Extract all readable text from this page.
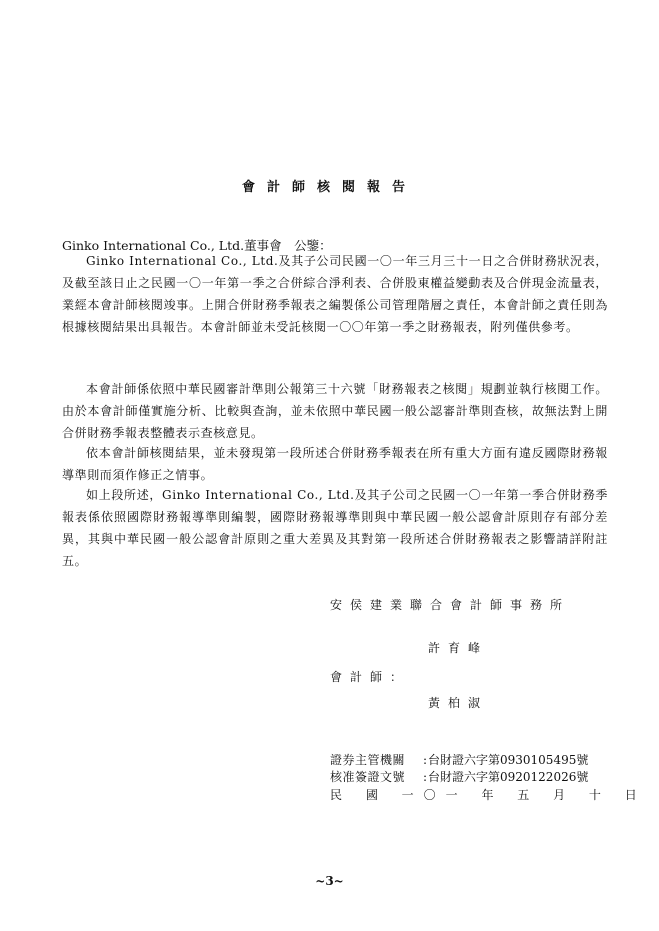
會計師核閱報告
Ginko International Co., Ltd.董事會　公鑒：

Ginko International Co., Ltd.及其子公司民國一〇一年三月三十一日之合併財務狀況表，及截至該日止之民國一〇一年第一季之合併綜合淨利表、合併股東權益變動表及合併現金流量表，業經本會計師核閱竣事。上開合併財務季報表之編製係公司管理階層之責任，本會計師之責任則為根據核閱結果出具報告。本會計師並未受託核閱一〇〇年第一季之財務報表，附列僅供參考。

本會計師係依照中華民國審計準則公報第三十六號「財務報表之核閱」規劃並執行核閱工作。由於本會計師僅實施分析、比較與查詢，並未依照中華民國一般公認審計準則查核，故無法對上開合併財務季報表整體表示查核意見。

依本會計師核閱結果，並未發現第一段所述合併財務季報表在所有重大方面有違反國際財務報導準則而須作修正之情事。

如上段所述，Ginko International Co., Ltd.及其子公司之民國一〇一年第一季合併財務季報表係依照國際財務報導準則編製，國際財務報導準則與中華民國一般公認會計原則存有部分差異，其與中華民國一般公認會計原則之重大差異及其對第一段所述合併財務報表之影響請詳附註五。

安侯建業聯合會計師事務所
許育峰
會計師：
黃柏淑
證券主管機關 :台財證六字第0930105495號
核准簽證文號 :台財證六字第0920122026號
民 國 一〇一 年 五 月 十 日
~3~
